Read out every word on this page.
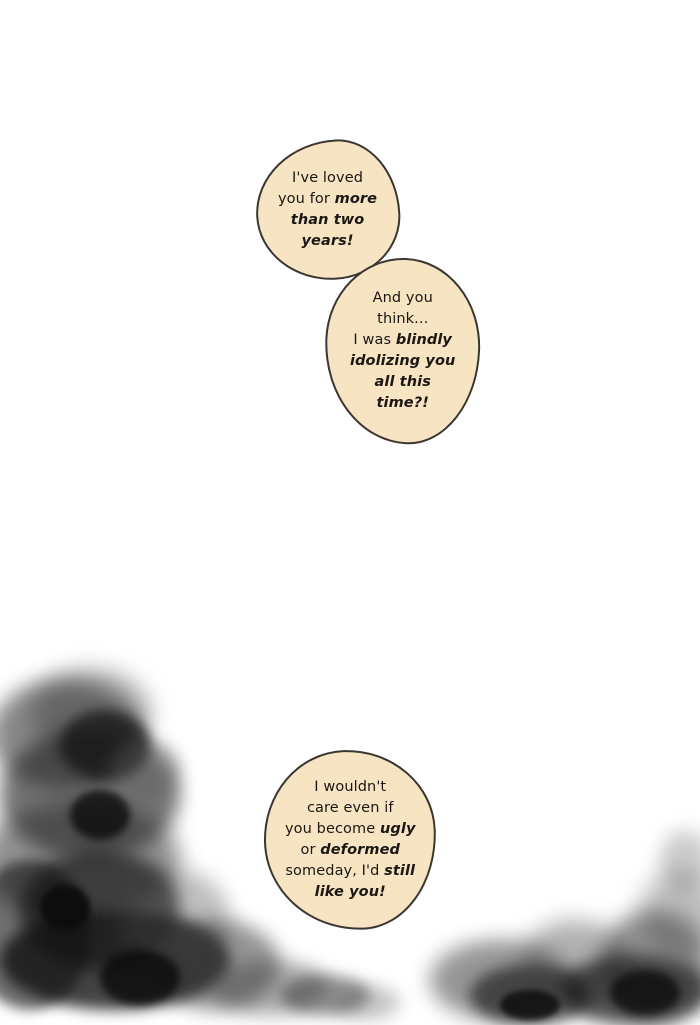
I've loved
you for more
than two
years!
And you
think...
I was blindly
idolizing you
all this
time?!
I wouldn't
care even if
you become ugly
or deformed
someday, I'd still
like you!
